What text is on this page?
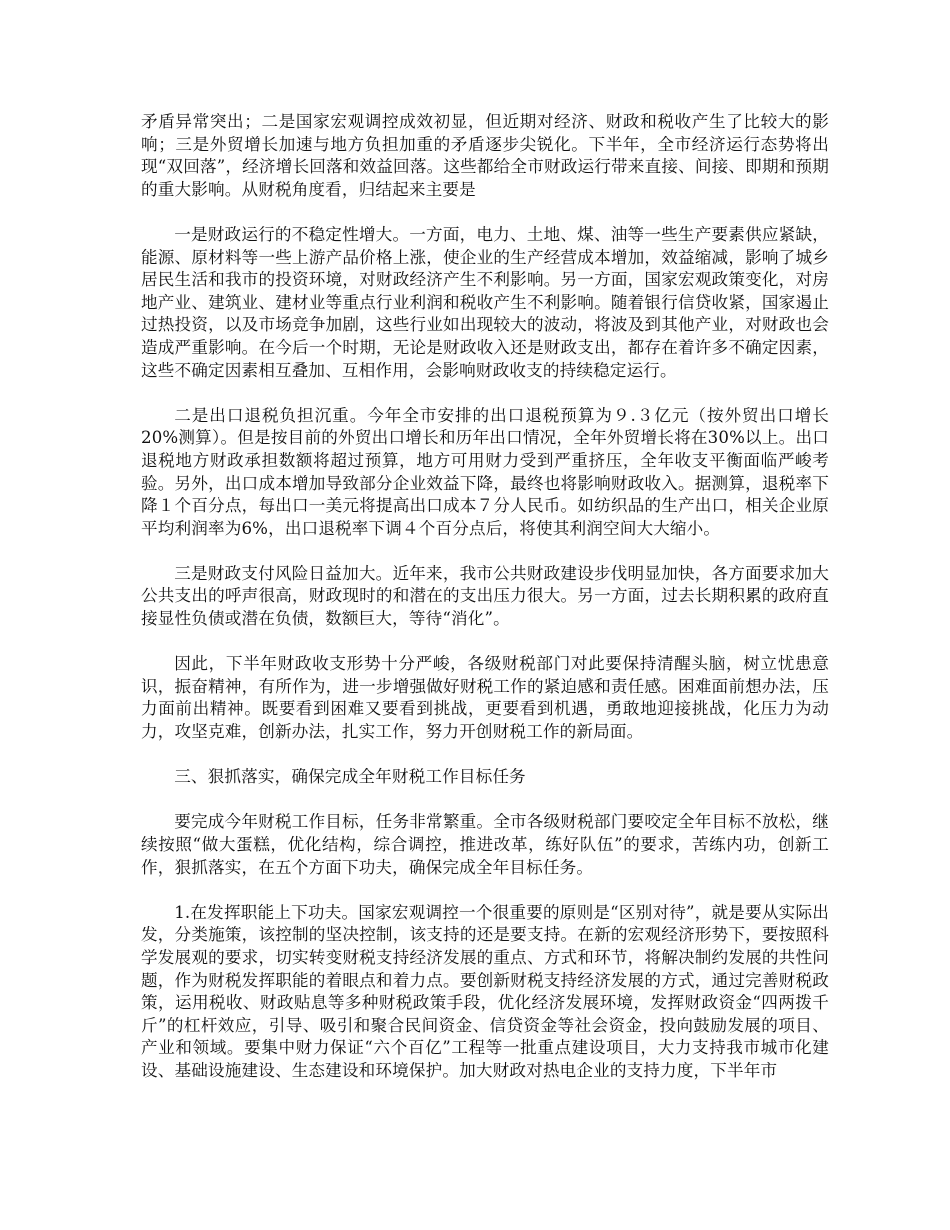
矛盾异常突出；二是国家宏观调控成效初显，但近期对经济、财政和税收产生了比较大的影响；三是外贸增长加速与地方负担加重的矛盾逐步尖锐化。下半年，全市经济运行态势将出现“双回落”，经济增长回落和效益回落。这些都给全市财政运行带来直接、间接、即期和预期的重大影响。从财税角度看，归结起来主要是

一是财政运行的不稳定性增大。一方面，电力、土地、煤、油等一些生产要素供应紧缺，能源、原材料等一些上游产品价格上涨，使企业的生产经营成本增加，效益缩减，影响了城乡居民生活和我市的投资环境，对财政经济产生不利影响。另一方面，国家宏观政策变化，对房地产业、建筑业、建材业等重点行业利润和税收产生不利影响。随着银行信贷收紧，国家遏止过热投资，以及市场竞争加剧，这些行业如出现较大的波动，将波及到其他产业，对财政也会造成严重影响。在今后一个时期，无论是财政收入还是财政支出，都存在着许多不确定因素，这些不确定因素相互叠加、互相作用，会影响财政收支的持续稳定运行。

二是出口退税负担沉重。今年全市安排的出口退税预算为９.３亿元（按外贸出口增长20%测算）。但是按目前的外贸出口增长和历年出口情况，全年外贸增长将在30%以上。出口退税地方财政承担数额将超过预算，地方可用财力受到严重挤压，全年收支平衡面临严峻考验。另外，出口成本增加导致部分企业效益下降，最终也将影响财政收入。据测算，退税率下降１个百分点，每出口一美元将提高出口成本７分人民币。如纺织品的生产出口，相关企业原平均利润率为6%，出口退税率下调４个百分点后，将使其利润空间大大缩小。

三是财政支付风险日益加大。近年来，我市公共财政建设步伐明显加快，各方面要求加大公共支出的呼声很高，财政现时的和潜在的支出压力很大。另一方面，过去长期积累的政府直接显性负债或潜在负债，数额巨大，等待“消化”。

因此，下半年财政收支形势十分严峻，各级财税部门对此要保持清醒头脑，树立忧患意识，振奋精神，有所作为，进一步增强做好财税工作的紧迫感和责任感。困难面前想办法，压力面前出精神。既要看到困难又要看到挑战，更要看到机遇，勇敢地迎接挑战，化压力为动力，攻坚克难，创新办法，扎实工作，努力开创财税工作的新局面。

三、狠抓落实，确保完成全年财税工作目标任务

要完成今年财税工作目标，任务非常繁重。全市各级财税部门要咬定全年目标不放松，继续按照“做大蛋糕，优化结构，综合调控，推进改革，练好队伍”的要求，苦练内功，创新工作，狠抓落实，在五个方面下功夫，确保完成全年目标任务。

1.在发挥职能上下功夫。国家宏观调控一个很重要的原则是“区别对待”，就是要从实际出发，分类施策，该控制的坚决控制，该支持的还是要支持。在新的宏观经济形势下，要按照科学发展观的要求，切实转变财税支持经济发展的重点、方式和环节，将解决制约发展的共性问题，作为财税发挥职能的着眼点和着力点。要创新财税支持经济发展的方式，通过完善财税政策，运用税收、财政贴息等多种财税政策手段，优化经济发展环境，发挥财政资金“四两拨千斤”的杠杆效应，引导、吸引和聚合民间资金、信贷资金等社会资金，投向鼓励发展的项目、产业和领域。要集中财力保证“六个百亿”工程等一批重点建设项目，大力支持我市城市化建设、基础设施建设、生态建设和环境保护。加大财政对热电企业的支持力度，下半年市
